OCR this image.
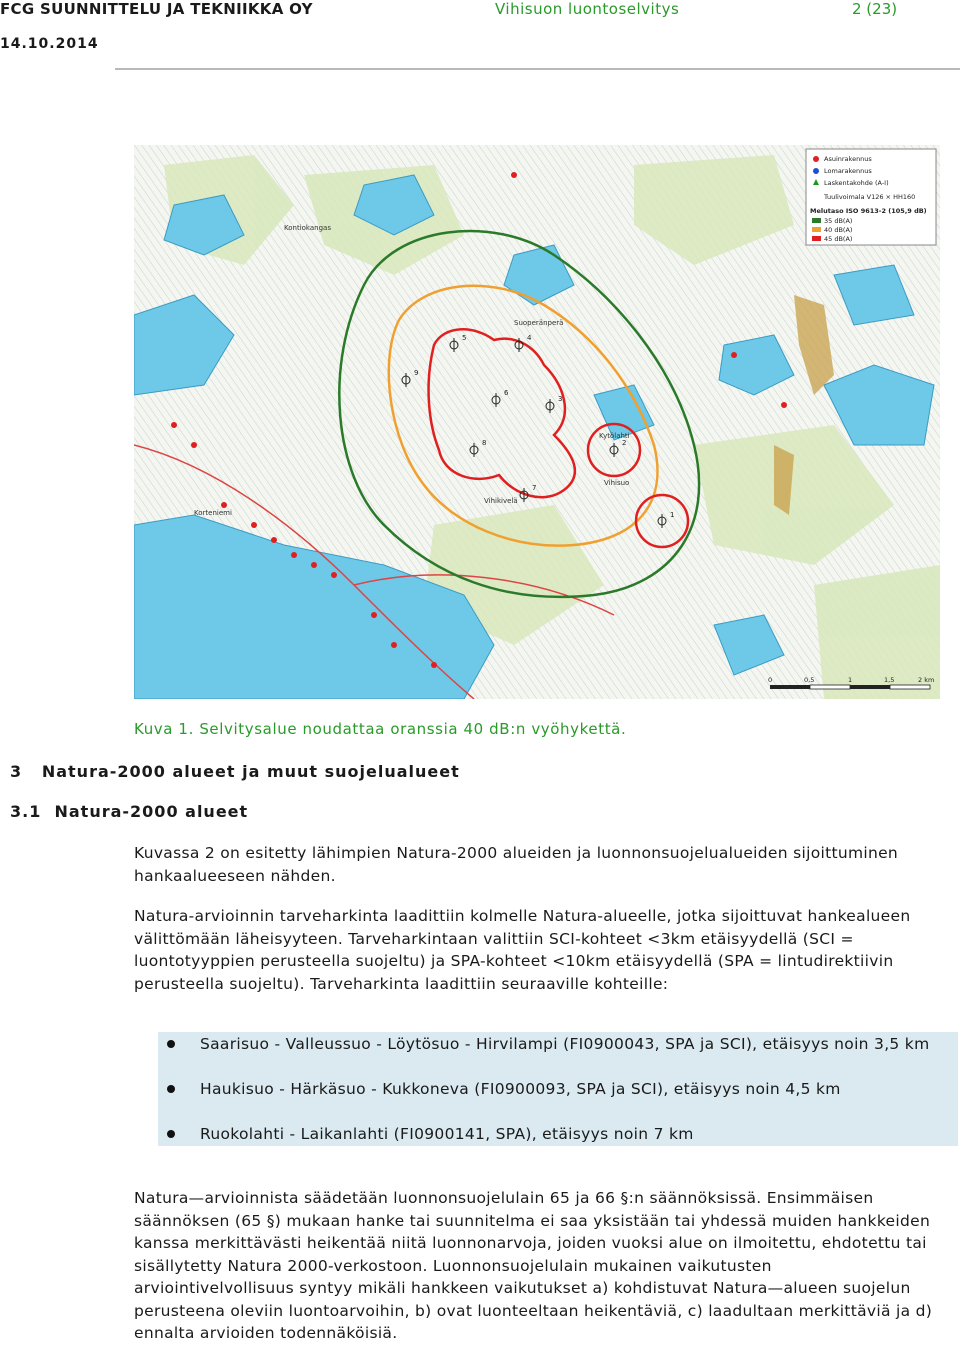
FCG SUUNNITTELU JA TEKNIIKKA OY	Vihisuon luontoselvitys	2 (23)
14.10.2014
1
2
3
4
5
6
7
8
9
Kontiokangas
Korteniemi
Vihisuo
Vihikivelä
Kytölahti
Suoperänperä
Asuinrakennus
Lomarakennus
Laskentakohde (A-I)
Tuulivoimala V126 × HH160
Melutaso ISO 9613-2 (105,9 dB)
35 dB(A)
40 dB(A)
45 dB(A)
0	0,5	1	1,5	2 km
Kuva 1. Selvitysalue noudattaa oranssia 40 dB:n vyöhykettä.
3   Natura-2000 alueet ja muut suojelualueet
3.1  Natura-2000 alueet
Kuvassa 2 on esitetty lähimpien Natura-2000 alueiden ja luonnonsuojelualueiden sijoittuminen hankaalueeseen nähden.
Natura-arvioinnin tarveharkinta laadittiin kolmelle Natura-alueelle, jotka sijoittuvat hankealueen välittömään läheisyyteen. Tarveharkintaan valittiin SCI-kohteet <3km etäisyydellä (SCI = luontotyyppien perusteella suojeltu) ja SPA-kohteet <10km etäisyydellä (SPA = lintudirektiivin perusteella suojeltu). Tarveharkinta laadittiin seuraaville kohteille:
Saarisuo - Valleussuo - Löytösuo - Hirvilampi (FI0900043, SPA ja SCI), etäisyys noin 3,5 km
Haukisuo - Härkäsuo - Kukkoneva (FI0900093, SPA ja SCI), etäisyys noin 4,5 km
Ruokolahti - Laikanlahti (FI0900141, SPA), etäisyys noin 7 km
Natura—arvioinnista säädetään luonnonsuojelulain 65 ja 66 §:n säännöksissä. Ensimmäisen säännöksen (65 §) mukaan hanke tai suunnitelma ei saa yksistään tai yhdessä muiden hankkeiden kanssa merkittävästi heikentää niitä luonnonarvoja, joiden vuoksi alue on ilmoitettu, ehdotettu tai sisällytetty Natura 2000-verkostoon. Luonnonsuojelulain mukainen vaikutusten arviointivelvollisuus syntyy mikäli hankkeen vaikutukset a) kohdistuvat Natura—alueen suojelun perusteena oleviin luontoarvoihin, b) ovat luonteeltaan heikentäviä, c) laadultaan merkittäviä ja d) ennalta arvioiden todennäköisiä.
